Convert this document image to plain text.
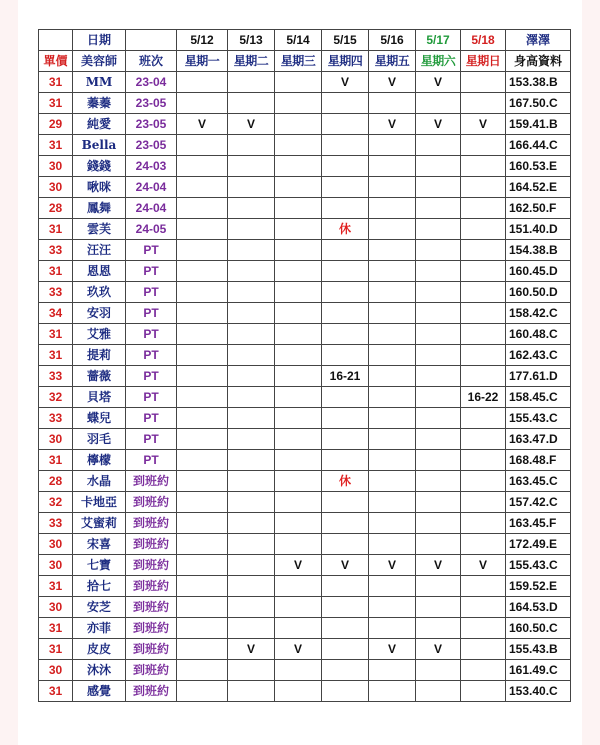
	日期		5/12	5/13	5/14	5/15	5/16	5/17	5/18	澤澤
單價	美容師	班次	星期一	星期二	星期三	星期四	星期五	星期六	星期日	身高資料
31	MM	23-04				V	V	V		153.38.B
31	蓁蓁	23-05								167.50.C
29	純愛	23-05	V	V			V	V	V	159.41.B
31	Bella	23-05								166.44.C
30	錢錢	24-03								160.53.E
30	啾咪	24-04								164.52.E
28	鳳舞	24-04								162.50.F
31	雲芙	24-05				休				151.40.D
33	汪汪	PT								154.38.B
31	恩恩	PT								160.45.D
33	玖玖	PT								160.50.D
34	安羽	PT								158.42.C
31	艾雅	PT								160.48.C
31	提莉	PT								162.43.C
33	薔薇	PT				16-21				177.61.D
32	貝塔	PT							16-22	158.45.C
33	蝶兒	PT								155.43.C
30	羽毛	PT								163.47.D
31	檸檬	PT								168.48.F
28	水晶	到班約				休				163.45.C
32	卡地亞	到班約								157.42.C
33	艾蜜莉	到班約								163.45.F
30	宋喜	到班約								172.49.E
30	七寶	到班約			V	V	V	V	V	155.43.C
31	拾七	到班約								159.52.E
30	安芝	到班約								164.53.D
31	亦菲	到班約								160.50.C
31	皮皮	到班約		V	V		V	V		155.43.B
30	沐沐	到班約								161.49.C
31	感覺	到班約								153.40.C
